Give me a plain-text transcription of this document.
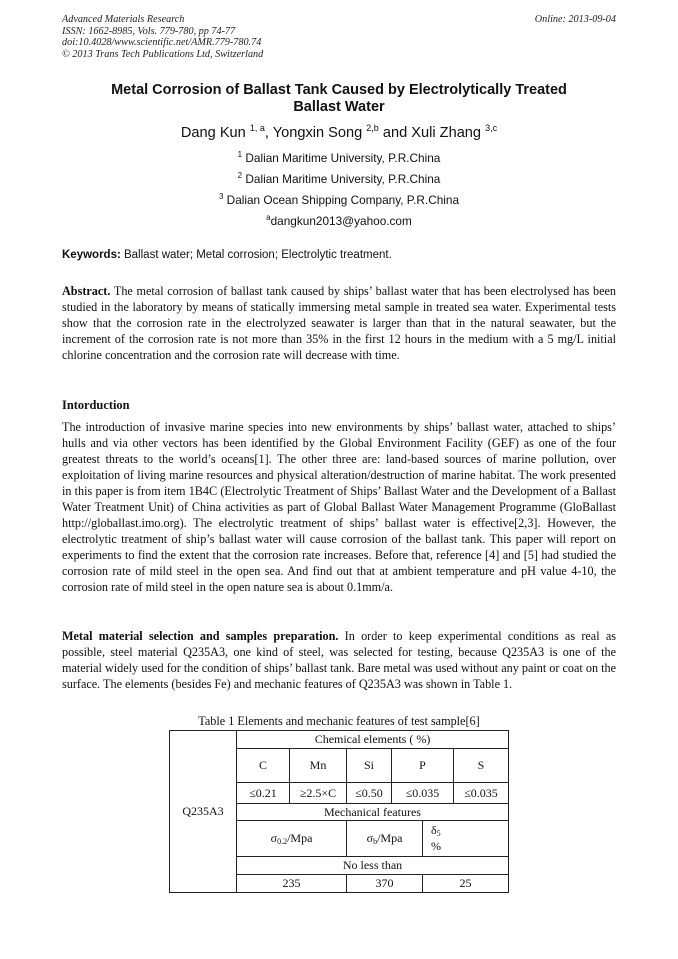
Advanced Materials Research
ISSN: 1662-8985, Vols. 779-780, pp 74-77
doi:10.4028/www.scientific.net/AMR.779-780.74
© 2013 Trans Tech Publications Ltd, Switzerland
Online: 2013-09-04
Metal Corrosion of Ballast Tank Caused by Electrolytically Treated
Ballast Water
Dang Kun $^{1, a}$, Yongxin Song $^{2,b}$ and Xuli Zhang $^{3,c}$
$^1$ Dalian Maritime University, P.R.China
$^2$ Dalian Maritime University, P.R.China
$^3$ Dalian Ocean Shipping Company, P.R.China
$^a$dangkun2013@yahoo.com
Keywords: Ballast water; Metal corrosion; Electrolytic treatment.
Abstract. The metal corrosion of ballast tank caused by ships’ ballast water that has been electrolysed has been studied in the laboratory by means of statically immersing metal sample in treated sea water. Experimental tests show that the corrosion rate in the electrolyzed seawater is larger than that in the natural seawater, but the increment of the corrosion rate is not more than 35% in the first 12 hours in the medium with a 5 mg/L initial chlorine concentration and the corrosion rate will decrease with time.
Intorduction
The introduction of invasive marine species into new environments by ships’ ballast water, attached to ships’ hulls and via other vectors has been identified by the Global Environment Facility (GEF) as one of the four greatest threats to the world’s oceans[1]. The other three are: land-based sources of marine pollution, over exploitation of living marine resources and physical alteration/destruction of marine habitat. The work presented in this paper is from item 1B4C (Electrolytic Treatment of Ships’ Ballast Water and the Development of a Ballast Water Treatment Unit) of China activities as part of Global Ballast Water Management Programme (GloBallast http://globallast.imo.org). The electrolytic treatment of ships’ ballast water is effective[2,3]. However, the electrolytic treatment of ship’s ballast water will cause corrosion of the ballast tank. This paper will report on experiments to find the extent that the corrosion rate increases. Before that, reference [4] and [5] had studied the corrosion rate of mild steel in the open sea. And find out that at ambient temperature and pH value 4-10, the corrosion rate of mild steel in the open nature sea is about 0.1mm/a.
Metal material selection and samples preparation. In order to keep experimental conditions as real as possible, steel material Q235A3, one kind of steel, was selected for testing, because Q235A3 is one of the material widely used for the condition of ships’ ballast tank. Bare metal was used without any paint or coat on the surface. The elements (besides Fe) and mechanic features of Q235A3 was shown in Table 1.
Table 1 Elements and mechanic features of test sample[6]
Q235A3	Chemical elements ( %)					
	C	Mn	Si	P		S
	≤0.21	≥2.5×C	≤0.50	≤0.035		≤0.035
	Mechanical features					
	$\sigma_{0.2}$/Mpa		$\sigma_b$/Mpa		$\delta_5$
%	
	No less than					
	235		370		25	
